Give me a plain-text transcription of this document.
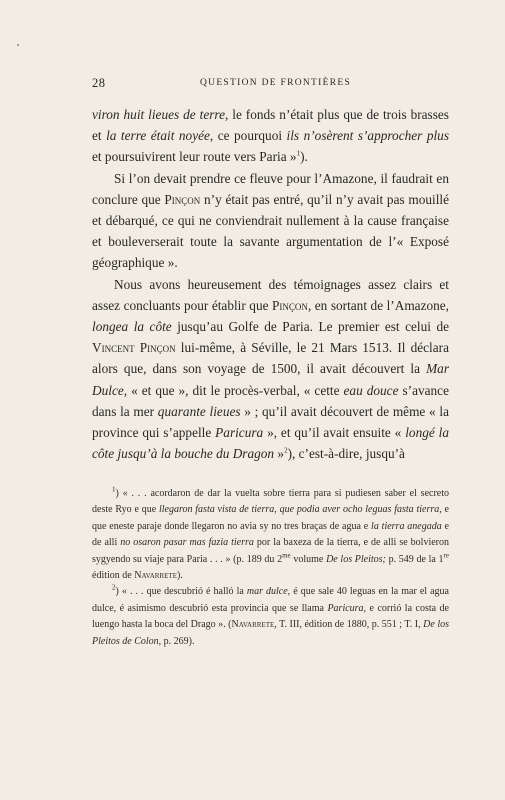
28	QUESTION DE FRONTIÈRES

viron huit lieues de terre, le fonds n’était plus que de trois brasses et la terre était noyée, ce pourquoi ils n’osèrent s’approcher plus et poursuivirent leur route vers Paria »$^1$).

Si l’on devait prendre ce fleuve pour l’Amazone, il faudrait en conclure que Pinçon n’y était pas entré, qu’il n’y avait pas mouillé et débarqué, ce qui ne conviendrait nullement à la cause française et bouleverserait toute la savante argumentation de l’« Exposé géographique ».

Nous avons heureusement des témoignages assez clairs et assez concluants pour établir que Pinçon, en sortant de l’Amazone, longea la côte jusqu’au Golfe de Paria. Le premier est celui de Vincent Pinçon lui-même, à Séville, le 21 Mars 1513. Il déclara alors que, dans son voyage de 1500, il avait découvert la Mar Dulce, « et que », dit le procès-verbal, « cette eau douce s’avance dans la mer quarante lieues » ; qu’il avait découvert de même « la province qui s’appelle Paricura », et qu’il avait ensuite « longé la côte jusqu’à la bouche du Dragon »$^2$), c’est-à-dire, jusqu’à

$^1$) « . . . acordaron de dar la vuelta sobre tierra para si pudiesen saber el secreto deste Ryo e que llegaron fasta vista de tierra, que podia aver ocho leguas fasta tierra, e que eneste paraje donde llegaron no avia sy no tres braças de agua e la tierra anegada e de alli no osaron pasar mas fazia tierra por la baxeza de la tierra, e de alli se bolvieron sygyendo su viaje para Paria . . . » (p. 189 du $2^{me}$ volume De los Pleitos; p. 549 de la 1re édition de Navarrete).

$^2$) « . . . que descubrió é halló la mar dulce, é que sale 40 leguas en la mar el agua dulce, é asimismo descubrió esta provincia que se llama Paricura, e corrió la costa de luengo hasta la boca del Drago ». (Navarrete, T. III, édition de 1880, p. 551 ; T. I, De los Pleitos de Colon, p. 269).
